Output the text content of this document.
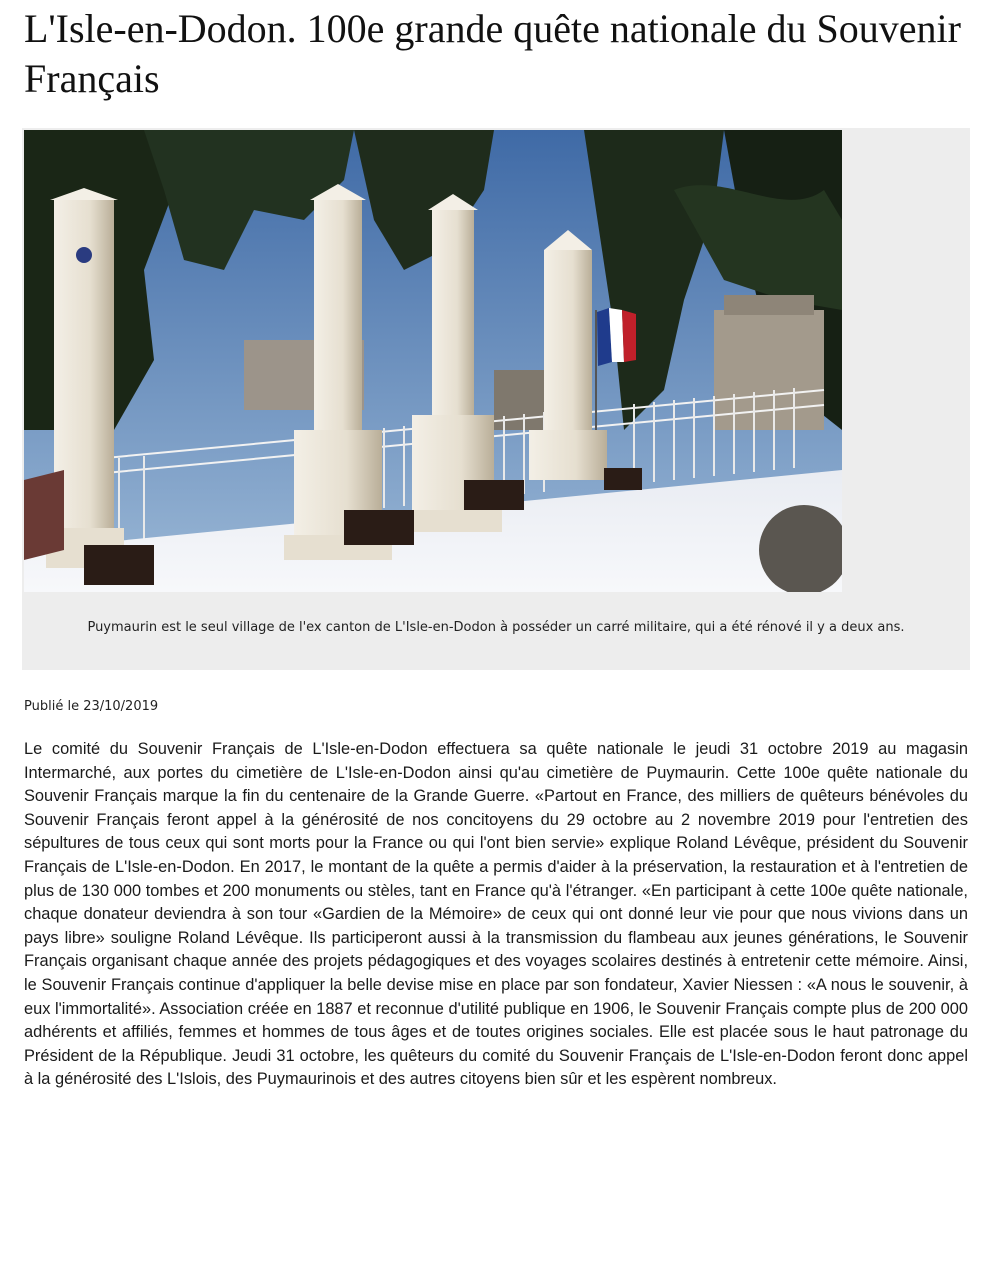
L'Isle-en-Dodon. 100e grande quête nationale du Souvenir Français

Puymaurin est le seul village de l'ex canton de L'Isle-en-Dodon à posséder un carré militaire, qui a été rénové il y a deux ans.

Publié le 23/10/2019

Le comité du Souvenir Français de L'Isle-en-Dodon effectuera sa quête nationale le jeudi 31 octobre 2019 au magasin Intermarché, aux portes du cimetière de L'Isle-en-Dodon ainsi qu'au cimetière de Puymaurin. Cette 100e quête nationale du Souvenir Français marque la fin du centenaire de la Grande Guerre. «Partout en France, des milliers de quêteurs bénévoles du Souvenir Français feront appel à la générosité de nos concitoyens du 29 octobre au 2 novembre 2019 pour l'entretien des sépultures de tous ceux qui sont morts pour la France ou qui l'ont bien servie» explique Roland Lévêque, président du Souvenir Français de L'Isle-en-Dodon. En 2017, le montant de la quête a permis d'aider à la préservation, la restauration et à l'entretien de plus de 130 000 tombes et 200 monuments ou stèles, tant en France qu'à l'étranger. «En participant à cette 100e quête nationale, chaque donateur deviendra à son tour «Gardien de la Mémoire» de ceux qui ont donné leur vie pour que nous vivions dans un pays libre» souligne Roland Lévêque. Ils participeront aussi à la transmission du flambeau aux jeunes générations, le Souvenir Français organisant chaque année des projets pédagogiques et des voyages scolaires destinés à entretenir cette mémoire. Ainsi, le Souvenir Français continue d'appliquer la belle devise mise en place par son fondateur, Xavier Niessen : «A nous le souvenir, à eux l'immortalité». Association créée en 1887 et reconnue d'utilité publique en 1906, le Souvenir Français compte plus de 200 000 adhérents et affiliés, femmes et hommes de tous âges et de toutes origines sociales. Elle est placée sous le haut patronage du Président de la République. Jeudi 31 octobre, les quêteurs du comité du Souvenir Français de L'Isle-en-Dodon feront donc appel à la générosité des L'Islois, des Puymaurinois et des autres citoyens bien sûr et les espèrent nombreux.
